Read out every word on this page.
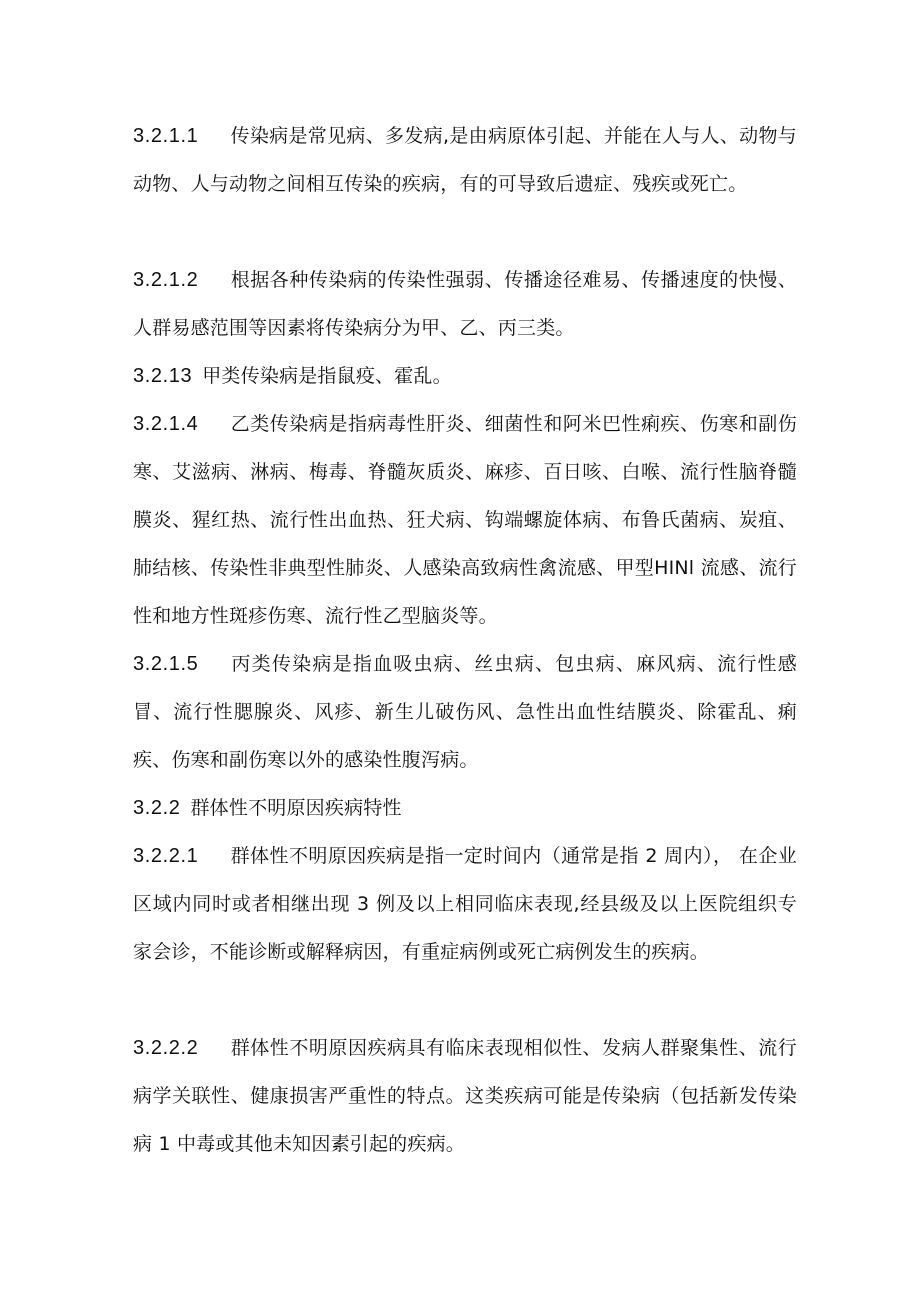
3.2.1.1 传染病是常见病、多发病,是由病原体引起、并能在人与人、动物与动物、人与动物之间相互传染的疾病，有的可导致后遗症、残疾或死亡。

3.2.1.2 根据各种传染病的传染性强弱、传播途径难易、传播速度的快慢、人群易感范围等因素将传染病分为甲、乙、丙三类。

3.2.13 甲类传染病是指鼠疫、霍乱。

3.2.1.4 乙类传染病是指病毒性肝炎、细菌性和阿米巴性痢疾、伤寒和副伤寒、艾滋病、淋病、梅毒、脊髓灰质炎、麻疹、百日咳、白喉、流行性脑脊髓膜炎、猩红热、流行性出血热、狂犬病、钩端螺旋体病、布鲁氏菌病、炭疽、肺结核、传染性非典型性肺炎、人感染高致病性禽流感、甲型HINl 流感、流行性和地方性斑疹伤寒、流行性乙型脑炎等。

3.2.1.5 丙类传染病是指血吸虫病、丝虫病、包虫病、麻风病、流行性感冒、流行性腮腺炎、风疹、新生儿破伤风、急性出血性结膜炎、除霍乱、痢疾、伤寒和副伤寒以外的感染性腹泻病。

3.2.2 群体性不明原因疾病特性

3.2.2.1 群体性不明原因疾病是指一定时间内（通常是指 2 周内）， 在企业区域内同时或者相继出现 3 例及以上相同临床表现,经县级及以上医院组织专家会诊，不能诊断或解释病因，有重症病例或死亡病例发生的疾病。

3.2.2.2 群体性不明原因疾病具有临床表现相似性、发病人群聚集性、流行病学关联性、健康损害严重性的特点。这类疾病可能是传染病（包括新发传染病 1 中毒或其他未知因素引起的疾病。
